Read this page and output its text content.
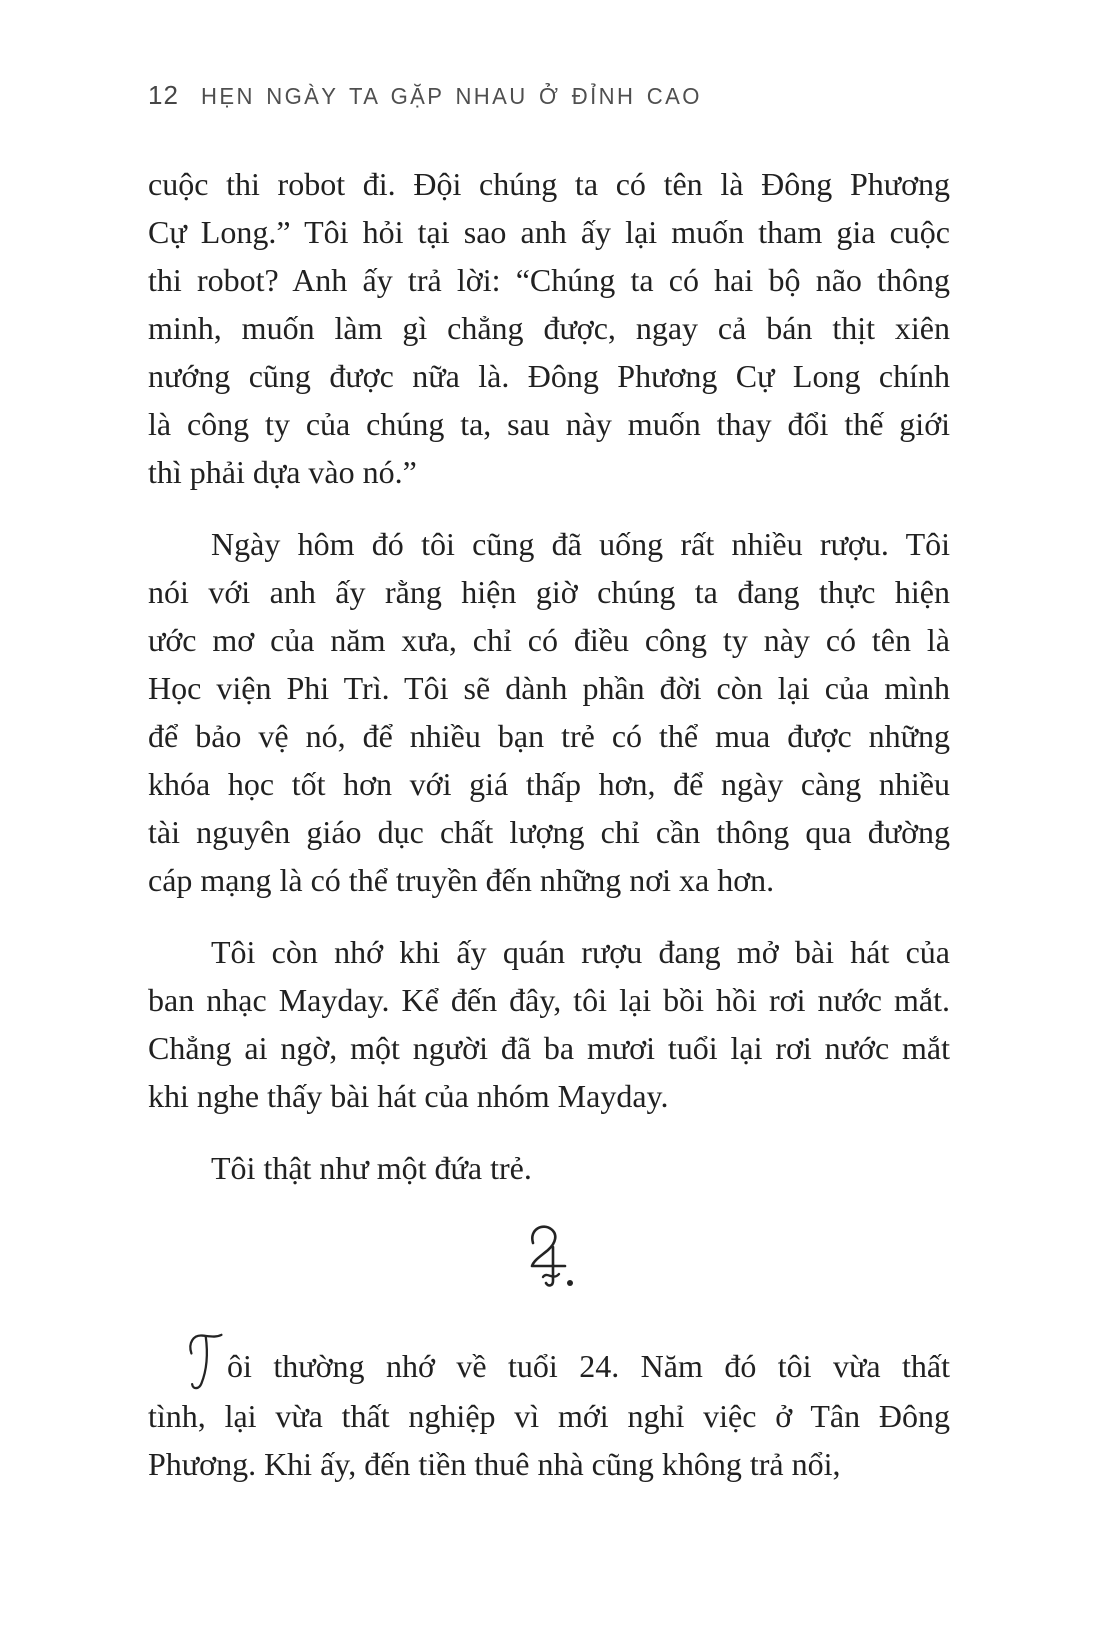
12 HẸN NGÀY TA GẶP NHAU Ở ĐỈNH CAO
cuộc thi robot đi. Đội chúng ta có tên là Đông Phương
Cự Long.” Tôi hỏi tại sao anh ấy lại muốn tham gia cuộc
thi robot? Anh ấy trả lời: “Chúng ta có hai bộ não thông
minh, muốn làm gì chẳng được, ngay cả bán thịt xiên
nướng cũng được nữa là. Đông Phương Cự Long chính
là công ty của chúng ta, sau này muốn thay đổi thế giới
thì phải dựa vào nó.”
Ngày hôm đó tôi cũng đã uống rất nhiều rượu. Tôi
nói với anh ấy rằng hiện giờ chúng ta đang thực hiện
ước mơ của năm xưa, chỉ có điều công ty này có tên là
Học viện Phi Trì. Tôi sẽ dành phần đời còn lại của mình
để bảo vệ nó, để nhiều bạn trẻ có thể mua được những
khóa học tốt hơn với giá thấp hơn, để ngày càng nhiều
tài nguyên giáo dục chất lượng chỉ cần thông qua đường
cáp mạng là có thể truyền đến những nơi xa hơn.
Tôi còn nhớ khi ấy quán rượu đang mở bài hát của
ban nhạc Mayday. Kể đến đây, tôi lại bồi hồi rơi nước mắt.
Chẳng ai ngờ, một người đã ba mươi tuổi lại rơi nước mắt
khi nghe thấy bài hát của nhóm Mayday.
Tôi thật như một đứa trẻ.
ôi thường nhớ về tuổi 24. Năm đó tôi vừa thất
tình, lại vừa thất nghiệp vì mới nghỉ việc ở Tân Đông
Phương. Khi ấy, đến tiền thuê nhà cũng không trả nổi,
